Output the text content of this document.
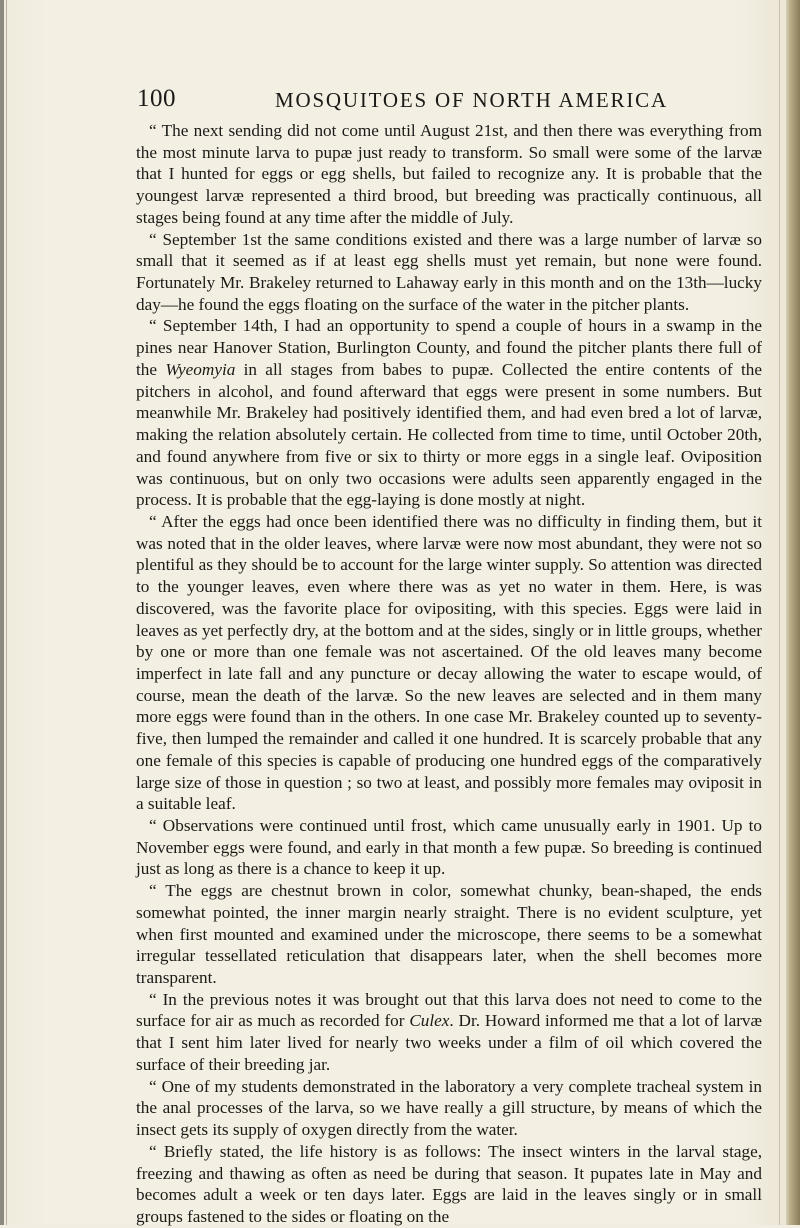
100	MOSQUITOES OF NORTH AMERICA

“ The next sending did not come until August 21st, and then there was everything from the most minute larva to pupæ just ready to transform. So small were some of the larvæ that I hunted for eggs or egg shells, but failed to recognize any. It is probable that the youngest larvæ represented a third brood, but breeding was practically continuous, all stages being found at any time after the middle of July.

“ September 1st the same conditions existed and there was a large number of larvæ so small that it seemed as if at least egg shells must yet remain, but none were found. Fortunately Mr. Brakeley returned to Lahaway early in this month and on the 13th—lucky day—he found the eggs floating on the surface of the water in the pitcher plants.

“ September 14th, I had an opportunity to spend a couple of hours in a swamp in the pines near Hanover Station, Burlington County, and found the pitcher plants there full of the Wyeomyia in all stages from babes to pupæ. Collected the entire contents of the pitchers in alcohol, and found afterward that eggs were present in some numbers. But meanwhile Mr. Brakeley had positively identified them, and had even bred a lot of larvæ, making the relation absolutely certain. He collected from time to time, until October 20th, and found anywhere from five or six to thirty or more eggs in a single leaf. Oviposition was continuous, but on only two occasions were adults seen apparently engaged in the process. It is probable that the egg-laying is done mostly at night.

“ After the eggs had once been identified there was no difficulty in finding them, but it was noted that in the older leaves, where larvæ were now most abundant, they were not so plentiful as they should be to account for the large winter supply. So attention was directed to the younger leaves, even where there was as yet no water in them. Here, is was discovered, was the favorite place for ovipositing, with this species. Eggs were laid in leaves as yet perfectly dry, at the bottom and at the sides, singly or in little groups, whether by one or more than one female was not ascertained. Of the old leaves many become imperfect in late fall and any puncture or decay allowing the water to escape would, of course, mean the death of the larvæ. So the new leaves are selected and in them many more eggs were found than in the others. In one case Mr. Brakeley counted up to seventy-five, then lumped the remainder and called it one hundred. It is scarcely probable that any one female of this species is capable of producing one hundred eggs of the comparatively large size of those in question ; so two at least, and possibly more females may oviposit in a suitable leaf.

“ Observations were continued until frost, which came unusually early in 1901. Up to November eggs were found, and early in that month a few pupæ. So breeding is continued just as long as there is a chance to keep it up.

“ The eggs are chestnut brown in color, somewhat chunky, bean-shaped, the ends somewhat pointed, the inner margin nearly straight. There is no evident sculpture, yet when first mounted and examined under the microscope, there seems to be a somewhat irregular tessellated reticulation that disappears later, when the shell becomes more transparent.

“ In the previous notes it was brought out that this larva does not need to come to the surface for air as much as recorded for Culex. Dr. Howard informed me that a lot of larvæ that I sent him later lived for nearly two weeks under a film of oil which covered the surface of their breeding jar.

“ One of my students demonstrated in the laboratory a very complete tracheal system in the anal processes of the larva, so we have really a gill structure, by means of which the insect gets its supply of oxygen directly from the water.

“ Briefly stated, the life history is as follows: The insect winters in the larval stage, freezing and thawing as often as need be during that season. It pupates late in May and becomes adult a week or ten days later. Eggs are laid in the leaves singly or in small groups fastened to the sides or floating on the
